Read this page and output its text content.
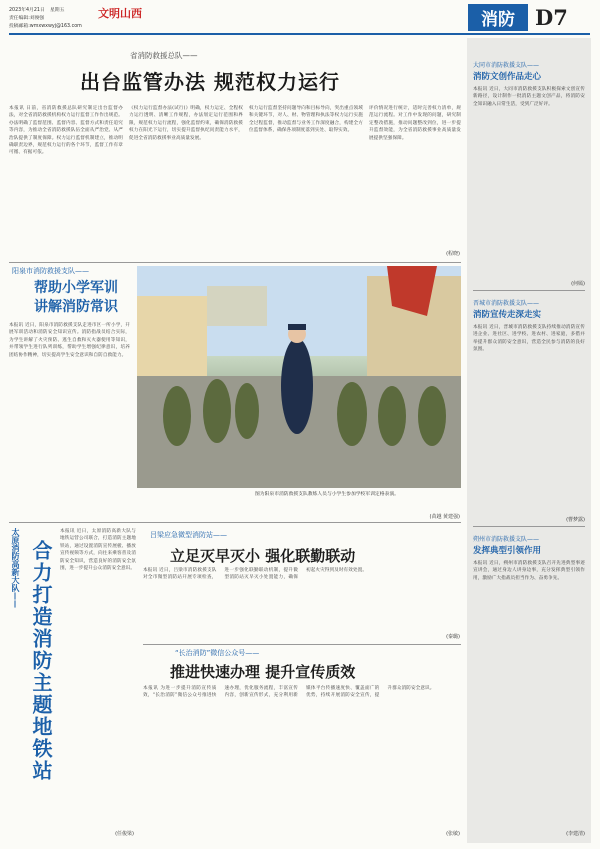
2023年4月21日 星期五
责任编辑:刘俊强
投稿邮箱:wmxwxwyj@163.com
文明山西	消防 D7
省消防救援总队——
出台监管办法 规范权力运行
本报讯 日前，省消防救援总队研究制定出台监督办法，对全省消防救援机构权力运行监督工作作出规范。办法明确了监督范围、监督内容、监督方式和责任追究等内容，为推动全省消防救援队伍全面从严治党、从严治队提供了制度保障。权力运行监督机制建立，推动明确职责边界，规范权力运行的各个环节，监督工作有章可循、有据可依。
《权力运行监督办法(试行)》明确，权力运定、全程权力运行透明、清晰工作规程，办法划定运行范围和界限，规范权力运行流程，强化监督约束，确保消防救援权力在阳光下运行，切实提升监督执纪问责能力水平，促进全省消防救援事业高质量发展。
权力运行监督坚持问题导向和目标导向，突出重点领域和关键环节，对人、财、物管理和执法等权力运行实施全过程监督，推动监督与业务工作深度融合，构建全方位监督体系，确保各项制度落到实处、取得实效。
评价情况进行统计，适时完善权力清单，规范运行流程。对工作中发现的问题，研究制定整改措施，推动问题整改到位，进一步提升监督效能，为全省消防救援事业高质量发展提供坚强保障。
(程晓)
阳泉市消防救援支队——
帮助小学军训
讲解消防常识
本报讯 近日，阳泉市消防救援支队走进市区一所小学，开展军训活动和消防安全知识宣传。消防指战员结合实际，为学生讲解了火灾预防、逃生自救和灭火器使用等知识，并带领学生进行队列训练，帮助学生增强纪律意识，培养团结协作精神，切实提高学生安全意识和自防自救能力。
图为阳泉市消防救援支队教练人员与小学生参加学校军训定格表演。
(苗越 黄建强)
太原消防高新大队—— 合力打造消防主题地铁站
本报讯 近日，太原消防高新大队与地铁运营公司联合，打造消防主题地铁站，通过设置消防宣传展板、播放宣传视频等方式，向往来乘客普及消防安全知识，营造良好的消防安全氛围，进一步提升公众消防安全意识。
(任俊梁)
吕梁应急微型消防站——
立足灭早灭小 强化联勤联动
本报讯 近日，吕梁市消防救援支队对全市微型消防站开展专项检查，进一步强化联勤联动机制，提升微型消防站灭早灭小处置能力，确保初起火灾得到及时有效处置。
(秦璐)
“长治消防”微信公众号——
推进快速办理 提升宣传质效
本报讯 为进一步提升消防宣传质效，“长治消防”微信公众号推进快速办理，优化服务流程，丰富宣传内容，创新宣传形式，充分利用新媒体平台传播速度快、覆盖面广的优势，持续开展消防安全宣传，提升群众消防安全意识。
(张敏)
大同市消防救援支队——
消防文创作品走心
本报讯 近日，大同市消防救援支队积极探索文创宣传新路径，设计制作一批消防主题文创产品，将消防安全知识融入日常生活，受到广泛好评。
(何嫣)
晋城市消防救援支队——
消防宣传走深走实
本报讯 近日，晋城市消防救援支队持续推动消防宣传进企业、进社区、进学校、进农村、进家庭，多措并举提升群众消防安全意识，营造全民参与消防的良好氛围。
(曹梦露)
朔州市消防救援支队——
发挥典型引领作用
本报讯 近日，朔州市消防救援支队召开先进典型事迹宣讲会，通过身边人讲身边事，充分发挥典型引领作用，激励广大指战员担当作为、奋勇争先。
(李建清)
